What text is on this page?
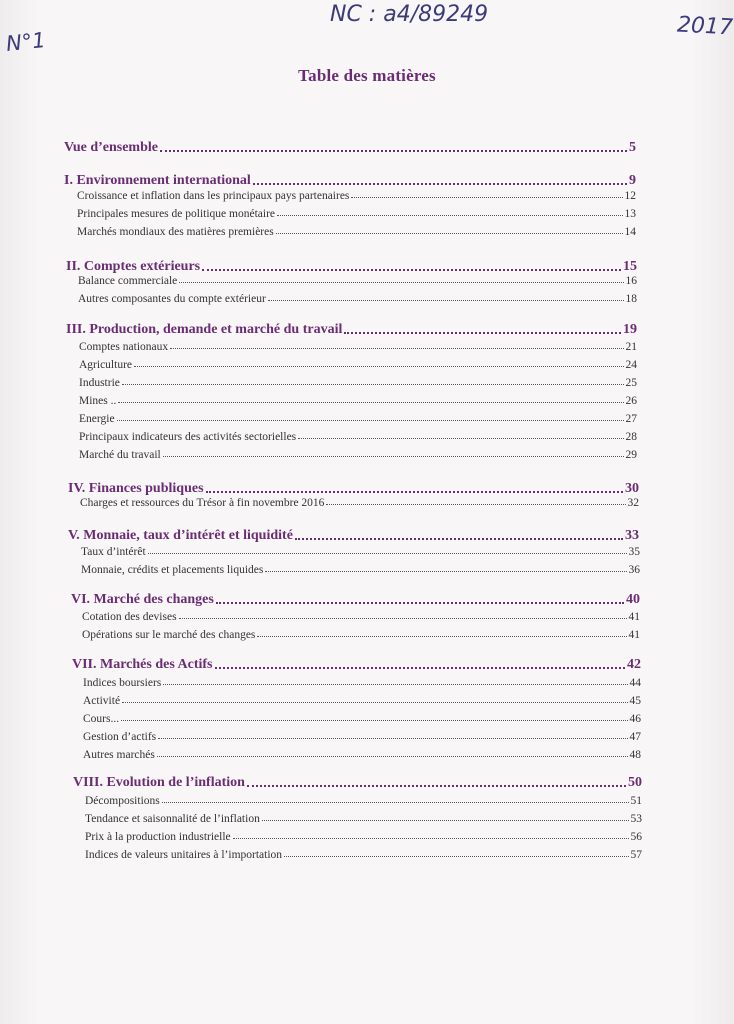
N°1
NC : a4/89249	2017
Table des matières
Vue d’ensemble	5
I. Environnement international	9
Croissance et inflation dans les principaux pays partenaires	12
Principales mesures de politique monétaire	13
Marchés mondiaux des matières premières	14
II. Comptes extérieurs	15
Balance commerciale	16
Autres composantes du compte extérieur	18
III. Production, demande et marché du travail	19
Comptes nationaux	21
Agriculture	24
Industrie	25
Mines ..	26
Energie	27
Principaux indicateurs des activités sectorielles	28
Marché du travail	29
IV. Finances publiques	30
Charges et ressources du Trésor à fin novembre 2016	32
V. Monnaie, taux d’intérêt et liquidité	33
Taux d’intérêt	35
Monnaie, crédits et placements liquides	36
VI. Marché des changes	40
Cotation des devises	41
Opérations sur le marché des changes	41
VII. Marchés des Actifs	42
Indices boursiers	44
Activité	45
Cours...	46
Gestion d’actifs	47
Autres marchés	48
VIII. Evolution de l’inflation	50
Décompositions	51
Tendance et saisonnalité de l’inflation	53
Prix à la production industrielle	56
Indices de valeurs unitaires à l’importation	57
